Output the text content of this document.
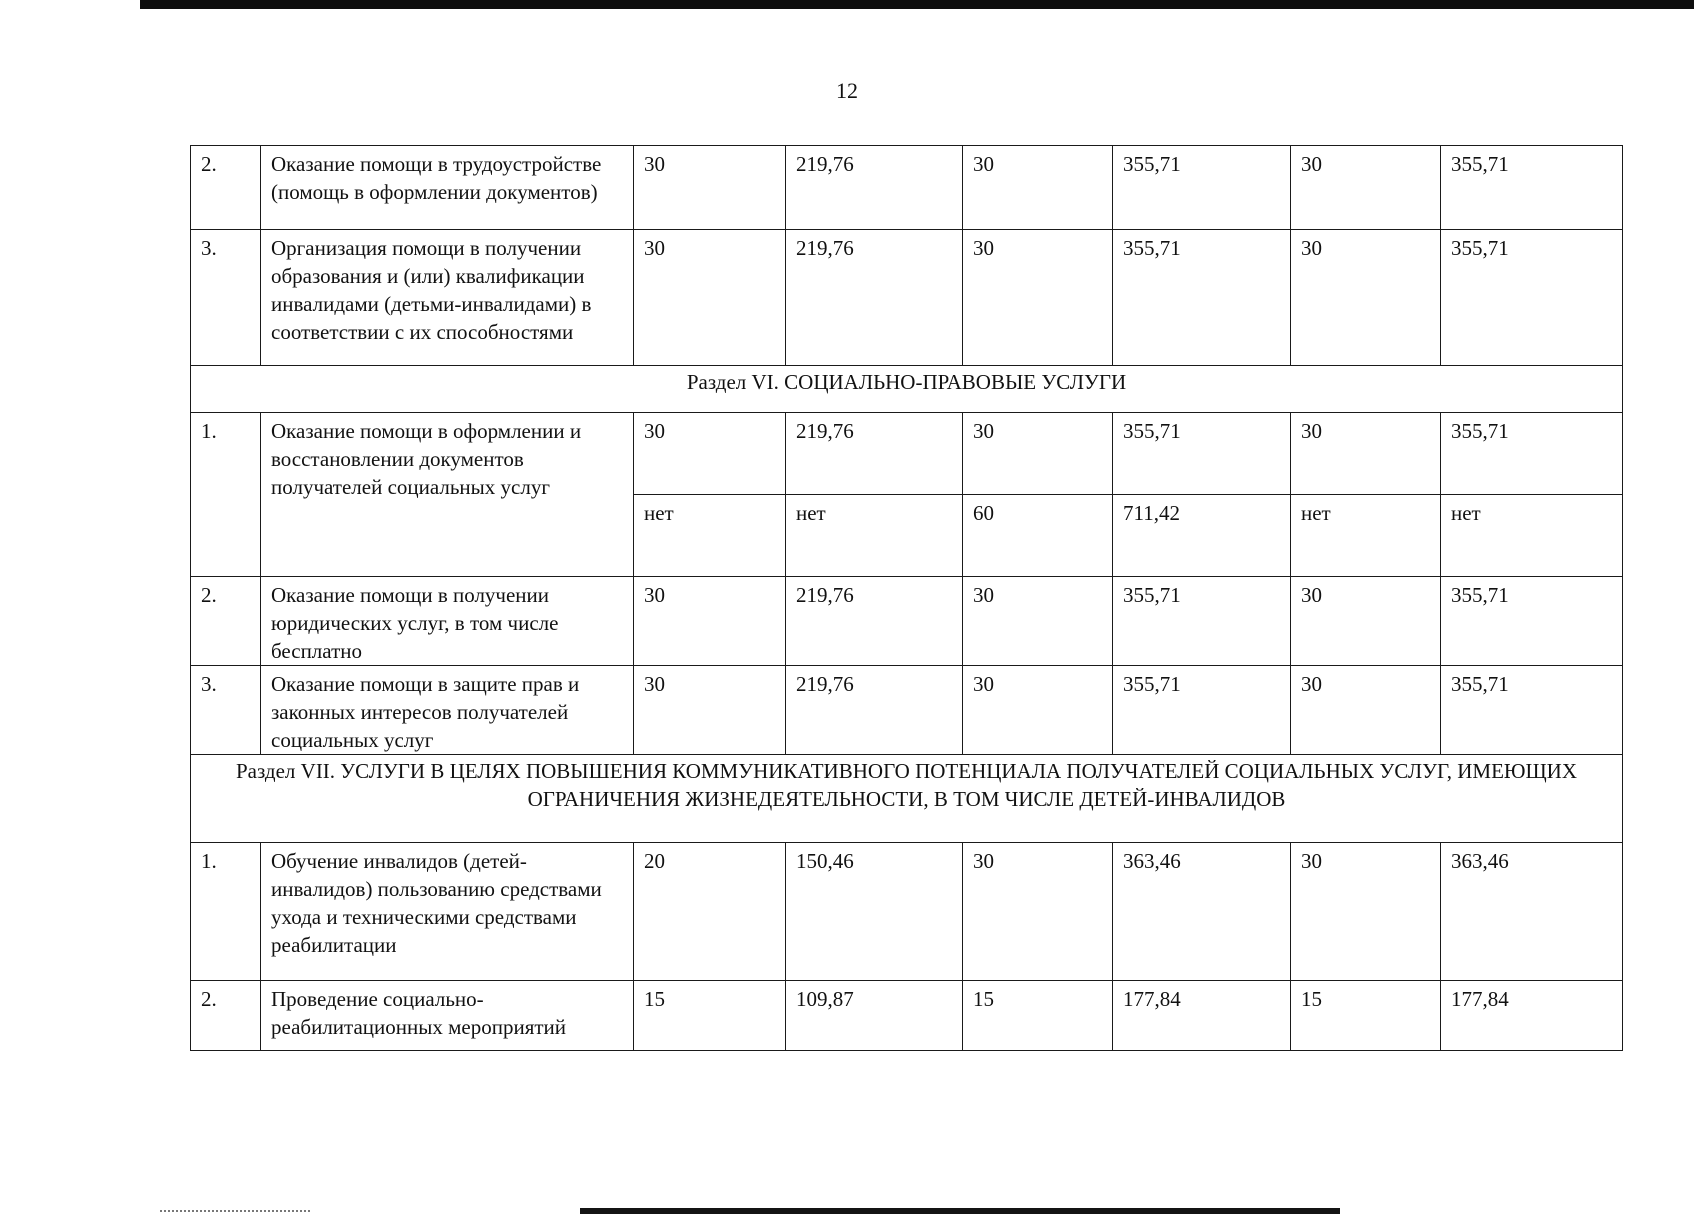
12
2.	Оказание помощи в трудоустройстве (помощь в оформлении документов)	30	219,76	30	355,71	30	355,71
3.	Организация помощи в получении образования и (или) квалификации инвалидами (детьми-инвалидами) в соответствии с их способностями	30	219,76	30	355,71	30	355,71
Раздел VI. СОЦИАЛЬНО-ПРАВОВЫЕ УСЛУГИ							
1.	Оказание помощи в оформлении и восстановлении документов получателей социальных услуг	30	219,76	30	355,71	30	355,71
		нет	нет	60	711,42	нет	нет
2.	Оказание помощи в получении юридических услуг, в том числе бесплатно	30	219,76	30	355,71	30	355,71
3.	Оказание помощи в защите прав и законных интересов получателей социальных услуг	30	219,76	30	355,71	30	355,71
Раздел VII. УСЛУГИ В ЦЕЛЯХ ПОВЫШЕНИЯ КОММУНИКАТИВНОГО ПОТЕНЦИАЛА ПОЛУЧАТЕЛЕЙ СОЦИАЛЬНЫХ УСЛУГ, ИМЕЮЩИХ ОГРАНИЧЕНИЯ ЖИЗНЕДЕЯТЕЛЬНОСТИ, В ТОМ ЧИСЛЕ ДЕТЕЙ-ИНВАЛИДОВ							
1.	Обучение инвалидов (детей-инвалидов) пользованию средствами ухода и техническими средствами реабилитации	20	150,46	30	363,46	30	363,46
2.	Проведение социально-реабилитационных мероприятий	15	109,87	15	177,84	15	177,84
